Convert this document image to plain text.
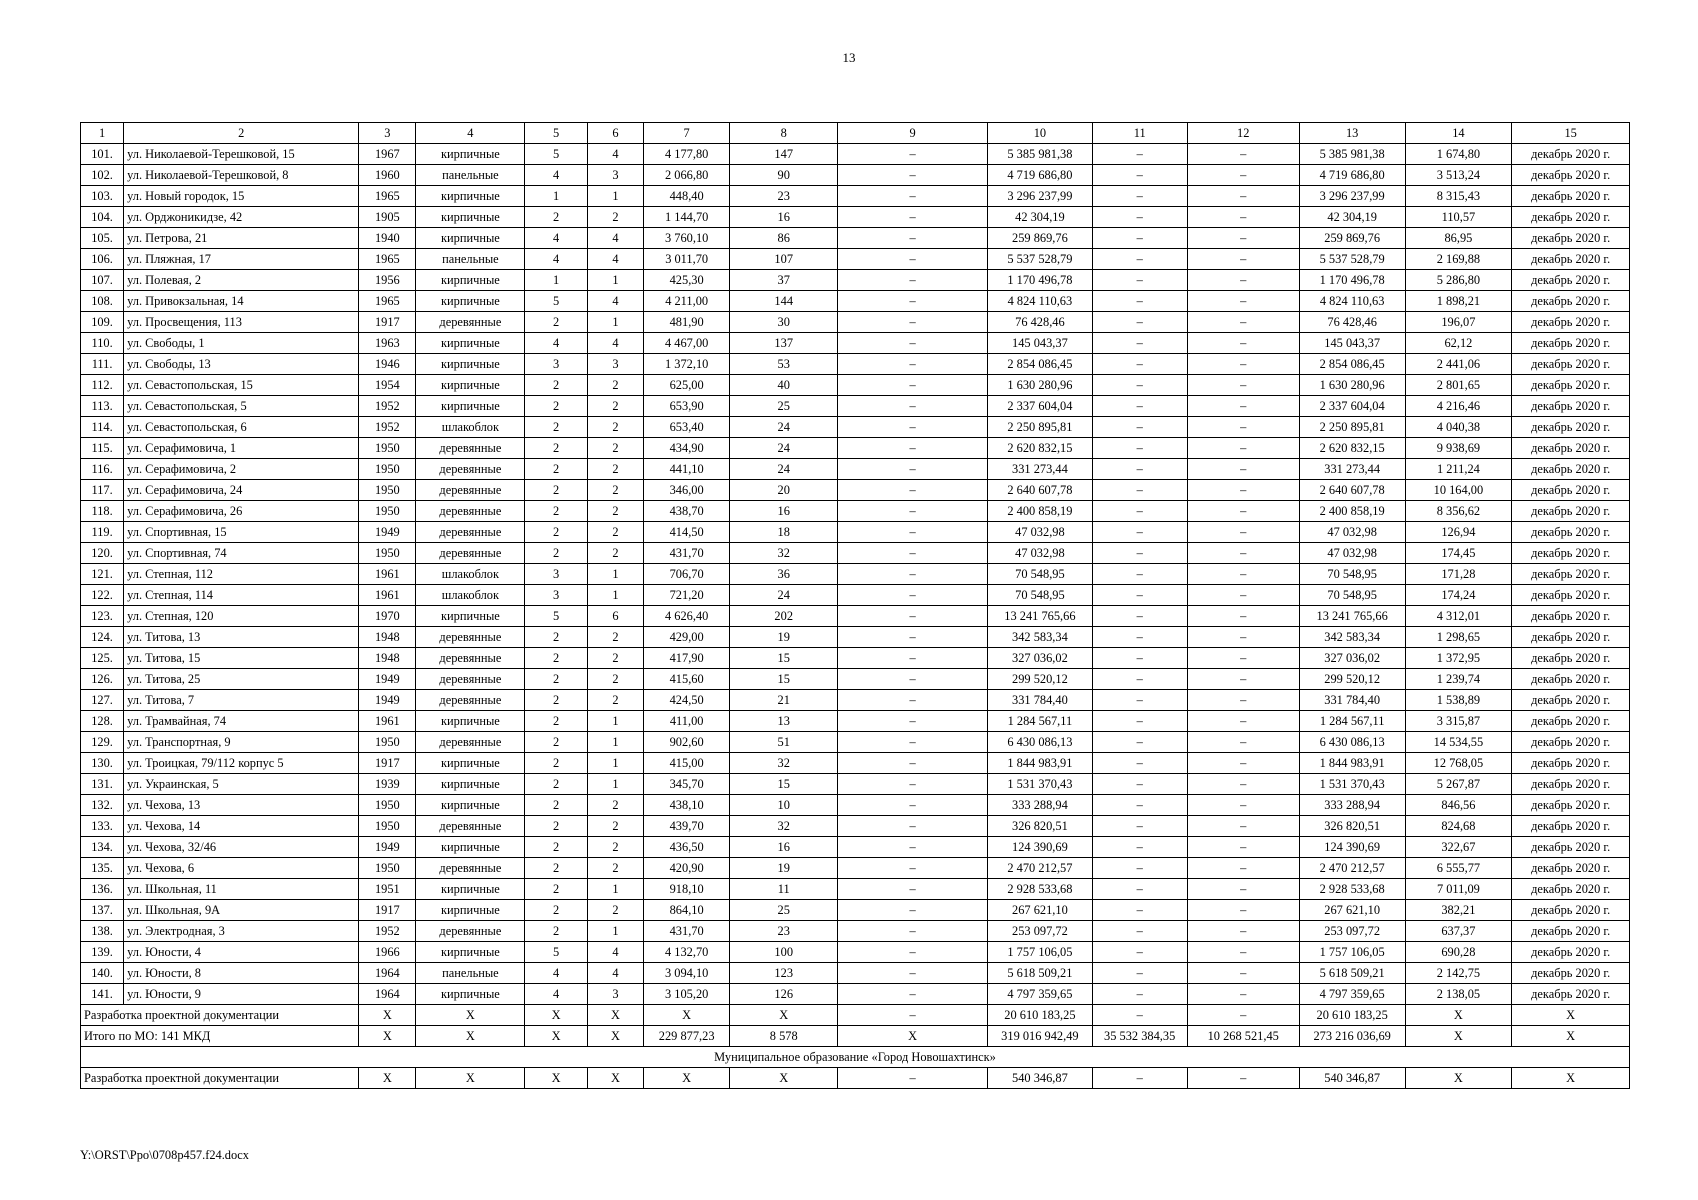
13
1	2	3	4	5	6	7	8	9	10	11	12	13	14	15
101.	ул. Николаевой-Терешковой, 15	1967	кирпичные	5	4	4 177,80	147	–	5 385 981,38	–	–	5 385 981,38	1 674,80	декабрь 2020 г.
102.	ул. Николаевой-Терешковой, 8	1960	панельные	4	3	2 066,80	90	–	4 719 686,80	–	–	4 719 686,80	3 513,24	декабрь 2020 г.
103.	ул. Новый городок, 15	1965	кирпичные	1	1	448,40	23	–	3 296 237,99	–	–	3 296 237,99	8 315,43	декабрь 2020 г.
104.	ул. Орджоникидзе, 42	1905	кирпичные	2	2	1 144,70	16	–	42 304,19	–	–	42 304,19	110,57	декабрь 2020 г.
105.	ул. Петрова, 21	1940	кирпичные	4	4	3 760,10	86	–	259 869,76	–	–	259 869,76	86,95	декабрь 2020 г.
106.	ул. Пляжная, 17	1965	панельные	4	4	3 011,70	107	–	5 537 528,79	–	–	5 537 528,79	2 169,88	декабрь 2020 г.
107.	ул. Полевая, 2	1956	кирпичные	1	1	425,30	37	–	1 170 496,78	–	–	1 170 496,78	5 286,80	декабрь 2020 г.
108.	ул. Привокзальная, 14	1965	кирпичные	5	4	4 211,00	144	–	4 824 110,63	–	–	4 824 110,63	1 898,21	декабрь 2020 г.
109.	ул. Просвещения, 113	1917	деревянные	2	1	481,90	30	–	76 428,46	–	–	76 428,46	196,07	декабрь 2020 г.
110.	ул. Свободы, 1	1963	кирпичные	4	4	4 467,00	137	–	145 043,37	–	–	145 043,37	62,12	декабрь 2020 г.
111.	ул. Свободы, 13	1946	кирпичные	3	3	1 372,10	53	–	2 854 086,45	–	–	2 854 086,45	2 441,06	декабрь 2020 г.
112.	ул. Севастопольская, 15	1954	кирпичные	2	2	625,00	40	–	1 630 280,96	–	–	1 630 280,96	2 801,65	декабрь 2020 г.
113.	ул. Севастопольская, 5	1952	кирпичные	2	2	653,90	25	–	2 337 604,04	–	–	2 337 604,04	4 216,46	декабрь 2020 г.
114.	ул. Севастопольская, 6	1952	шлакоблок	2	2	653,40	24	–	2 250 895,81	–	–	2 250 895,81	4 040,38	декабрь 2020 г.
115.	ул. Серафимовича, 1	1950	деревянные	2	2	434,90	24	–	2 620 832,15	–	–	2 620 832,15	9 938,69	декабрь 2020 г.
116.	ул. Серафимовича, 2	1950	деревянные	2	2	441,10	24	–	331 273,44	–	–	331 273,44	1 211,24	декабрь 2020 г.
117.	ул. Серафимовича, 24	1950	деревянные	2	2	346,00	20	–	2 640 607,78	–	–	2 640 607,78	10 164,00	декабрь 2020 г.
118.	ул. Серафимовича, 26	1950	деревянные	2	2	438,70	16	–	2 400 858,19	–	–	2 400 858,19	8 356,62	декабрь 2020 г.
119.	ул. Спортивная, 15	1949	деревянные	2	2	414,50	18	–	47 032,98	–	–	47 032,98	126,94	декабрь 2020 г.
120.	ул. Спортивная, 74	1950	деревянные	2	2	431,70	32	–	47 032,98	–	–	47 032,98	174,45	декабрь 2020 г.
121.	ул. Степная, 112	1961	шлакоблок	3	1	706,70	36	–	70 548,95	–	–	70 548,95	171,28	декабрь 2020 г.
122.	ул. Степная, 114	1961	шлакоблок	3	1	721,20	24	–	70 548,95	–	–	70 548,95	174,24	декабрь 2020 г.
123.	ул. Степная, 120	1970	кирпичные	5	6	4 626,40	202	–	13 241 765,66	–	–	13 241 765,66	4 312,01	декабрь 2020 г.
124.	ул. Титова, 13	1948	деревянные	2	2	429,00	19	–	342 583,34	–	–	342 583,34	1 298,65	декабрь 2020 г.
125.	ул. Титова, 15	1948	деревянные	2	2	417,90	15	–	327 036,02	–	–	327 036,02	1 372,95	декабрь 2020 г.
126.	ул. Титова, 25	1949	деревянные	2	2	415,60	15	–	299 520,12	–	–	299 520,12	1 239,74	декабрь 2020 г.
127.	ул. Титова, 7	1949	деревянные	2	2	424,50	21	–	331 784,40	–	–	331 784,40	1 538,89	декабрь 2020 г.
128.	ул. Трамвайная, 74	1961	кирпичные	2	1	411,00	13	–	1 284 567,11	–	–	1 284 567,11	3 315,87	декабрь 2020 г.
129.	ул. Транспортная, 9	1950	деревянные	2	1	902,60	51	–	6 430 086,13	–	–	6 430 086,13	14 534,55	декабрь 2020 г.
130.	ул. Троицкая, 79/112 корпус 5	1917	кирпичные	2	1	415,00	32	–	1 844 983,91	–	–	1 844 983,91	12 768,05	декабрь 2020 г.
131.	ул. Украинская, 5	1939	кирпичные	2	1	345,70	15	–	1 531 370,43	–	–	1 531 370,43	5 267,87	декабрь 2020 г.
132.	ул. Чехова, 13	1950	кирпичные	2	2	438,10	10	–	333 288,94	–	–	333 288,94	846,56	декабрь 2020 г.
133.	ул. Чехова, 14	1950	деревянные	2	2	439,70	32	–	326 820,51	–	–	326 820,51	824,68	декабрь 2020 г.
134.	ул. Чехова, 32/46	1949	кирпичные	2	2	436,50	16	–	124 390,69	–	–	124 390,69	322,67	декабрь 2020 г.
135.	ул. Чехова, 6	1950	деревянные	2	2	420,90	19	–	2 470 212,57	–	–	2 470 212,57	6 555,77	декабрь 2020 г.
136.	ул. Школьная, 11	1951	кирпичные	2	1	918,10	11	–	2 928 533,68	–	–	2 928 533,68	7 011,09	декабрь 2020 г.
137.	ул. Школьная, 9А	1917	кирпичные	2	2	864,10	25	–	267 621,10	–	–	267 621,10	382,21	декабрь 2020 г.
138.	ул. Электродная, 3	1952	деревянные	2	1	431,70	23	–	253 097,72	–	–	253 097,72	637,37	декабрь 2020 г.
139.	ул. Юности, 4	1966	кирпичные	5	4	4 132,70	100	–	1 757 106,05	–	–	1 757 106,05	690,28	декабрь 2020 г.
140.	ул. Юности, 8	1964	панельные	4	4	3 094,10	123	–	5 618 509,21	–	–	5 618 509,21	2 142,75	декабрь 2020 г.
141.	ул. Юности, 9	1964	кирпичные	4	3	3 105,20	126	–	4 797 359,65	–	–	4 797 359,65	2 138,05	декабрь 2020 г.
Разработка проектной документации		X	X	X	X	X	X	–	20 610 183,25	–	–	20 610 183,25	X	X
Итого по МО: 141 МКД		X	X	X	X	229 877,23	8 578	X	319 016 942,49	35 532 384,35	10 268 521,45	273 216 036,69	X	X
Муниципальное образование «Город Новошахтинск»														
Разработка проектной документации		X	X	X	X	X	X	–	540 346,87	–	–	540 346,87	X	X
Y:\ORST\Ppo\0708p457.f24.docx
